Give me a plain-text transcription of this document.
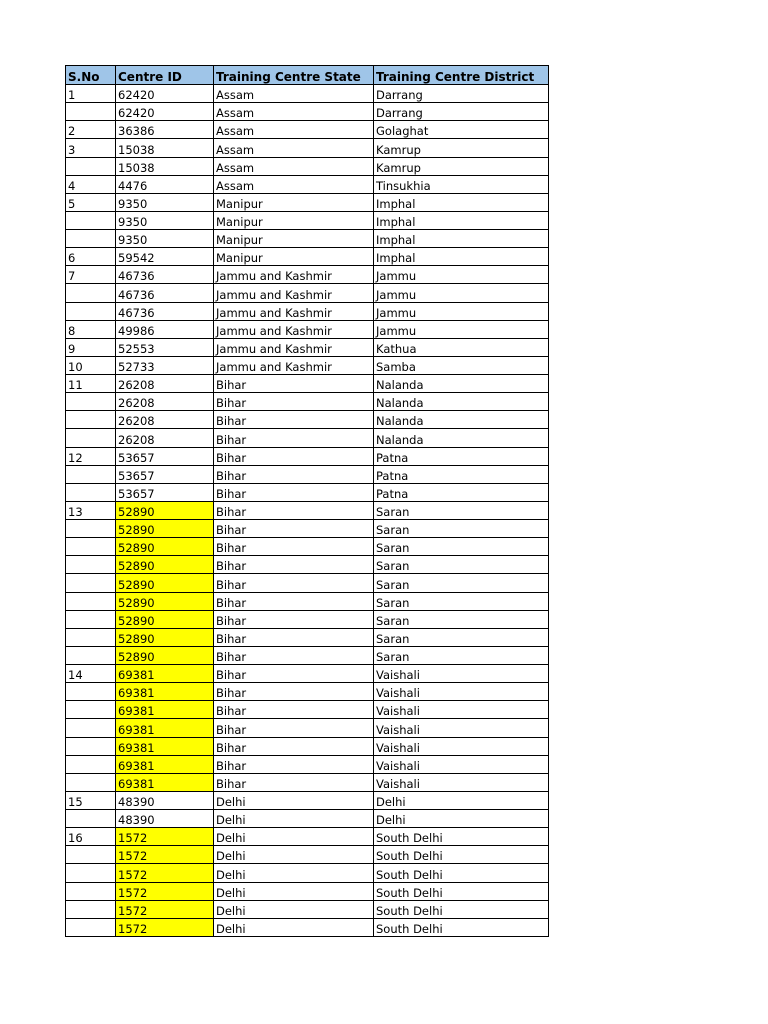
S.No	Centre ID	Training Centre State	Training Centre District
1	62420	Assam	Darrang
	62420	Assam	Darrang
2	36386	Assam	Golaghat
3	15038	Assam	Kamrup
	15038	Assam	Kamrup
4	4476	Assam	Tinsukhia
5	9350	Manipur	Imphal
	9350	Manipur	Imphal
	9350	Manipur	Imphal
6	59542	Manipur	Imphal
7	46736	Jammu and Kashmir	Jammu
	46736	Jammu and Kashmir	Jammu
	46736	Jammu and Kashmir	Jammu
8	49986	Jammu and Kashmir	Jammu
9	52553	Jammu and Kashmir	Kathua
10	52733	Jammu and Kashmir	Samba
11	26208	Bihar	Nalanda
	26208	Bihar	Nalanda
	26208	Bihar	Nalanda
	26208	Bihar	Nalanda
12	53657	Bihar	Patna
	53657	Bihar	Patna
	53657	Bihar	Patna
13	52890	Bihar	Saran
	52890	Bihar	Saran
	52890	Bihar	Saran
	52890	Bihar	Saran
	52890	Bihar	Saran
	52890	Bihar	Saran
	52890	Bihar	Saran
	52890	Bihar	Saran
	52890	Bihar	Saran
14	69381	Bihar	Vaishali
	69381	Bihar	Vaishali
	69381	Bihar	Vaishali
	69381	Bihar	Vaishali
	69381	Bihar	Vaishali
	69381	Bihar	Vaishali
	69381	Bihar	Vaishali
15	48390	Delhi	Delhi
	48390	Delhi	Delhi
16	1572	Delhi	South Delhi
	1572	Delhi	South Delhi
	1572	Delhi	South Delhi
	1572	Delhi	South Delhi
	1572	Delhi	South Delhi
	1572	Delhi	South Delhi
